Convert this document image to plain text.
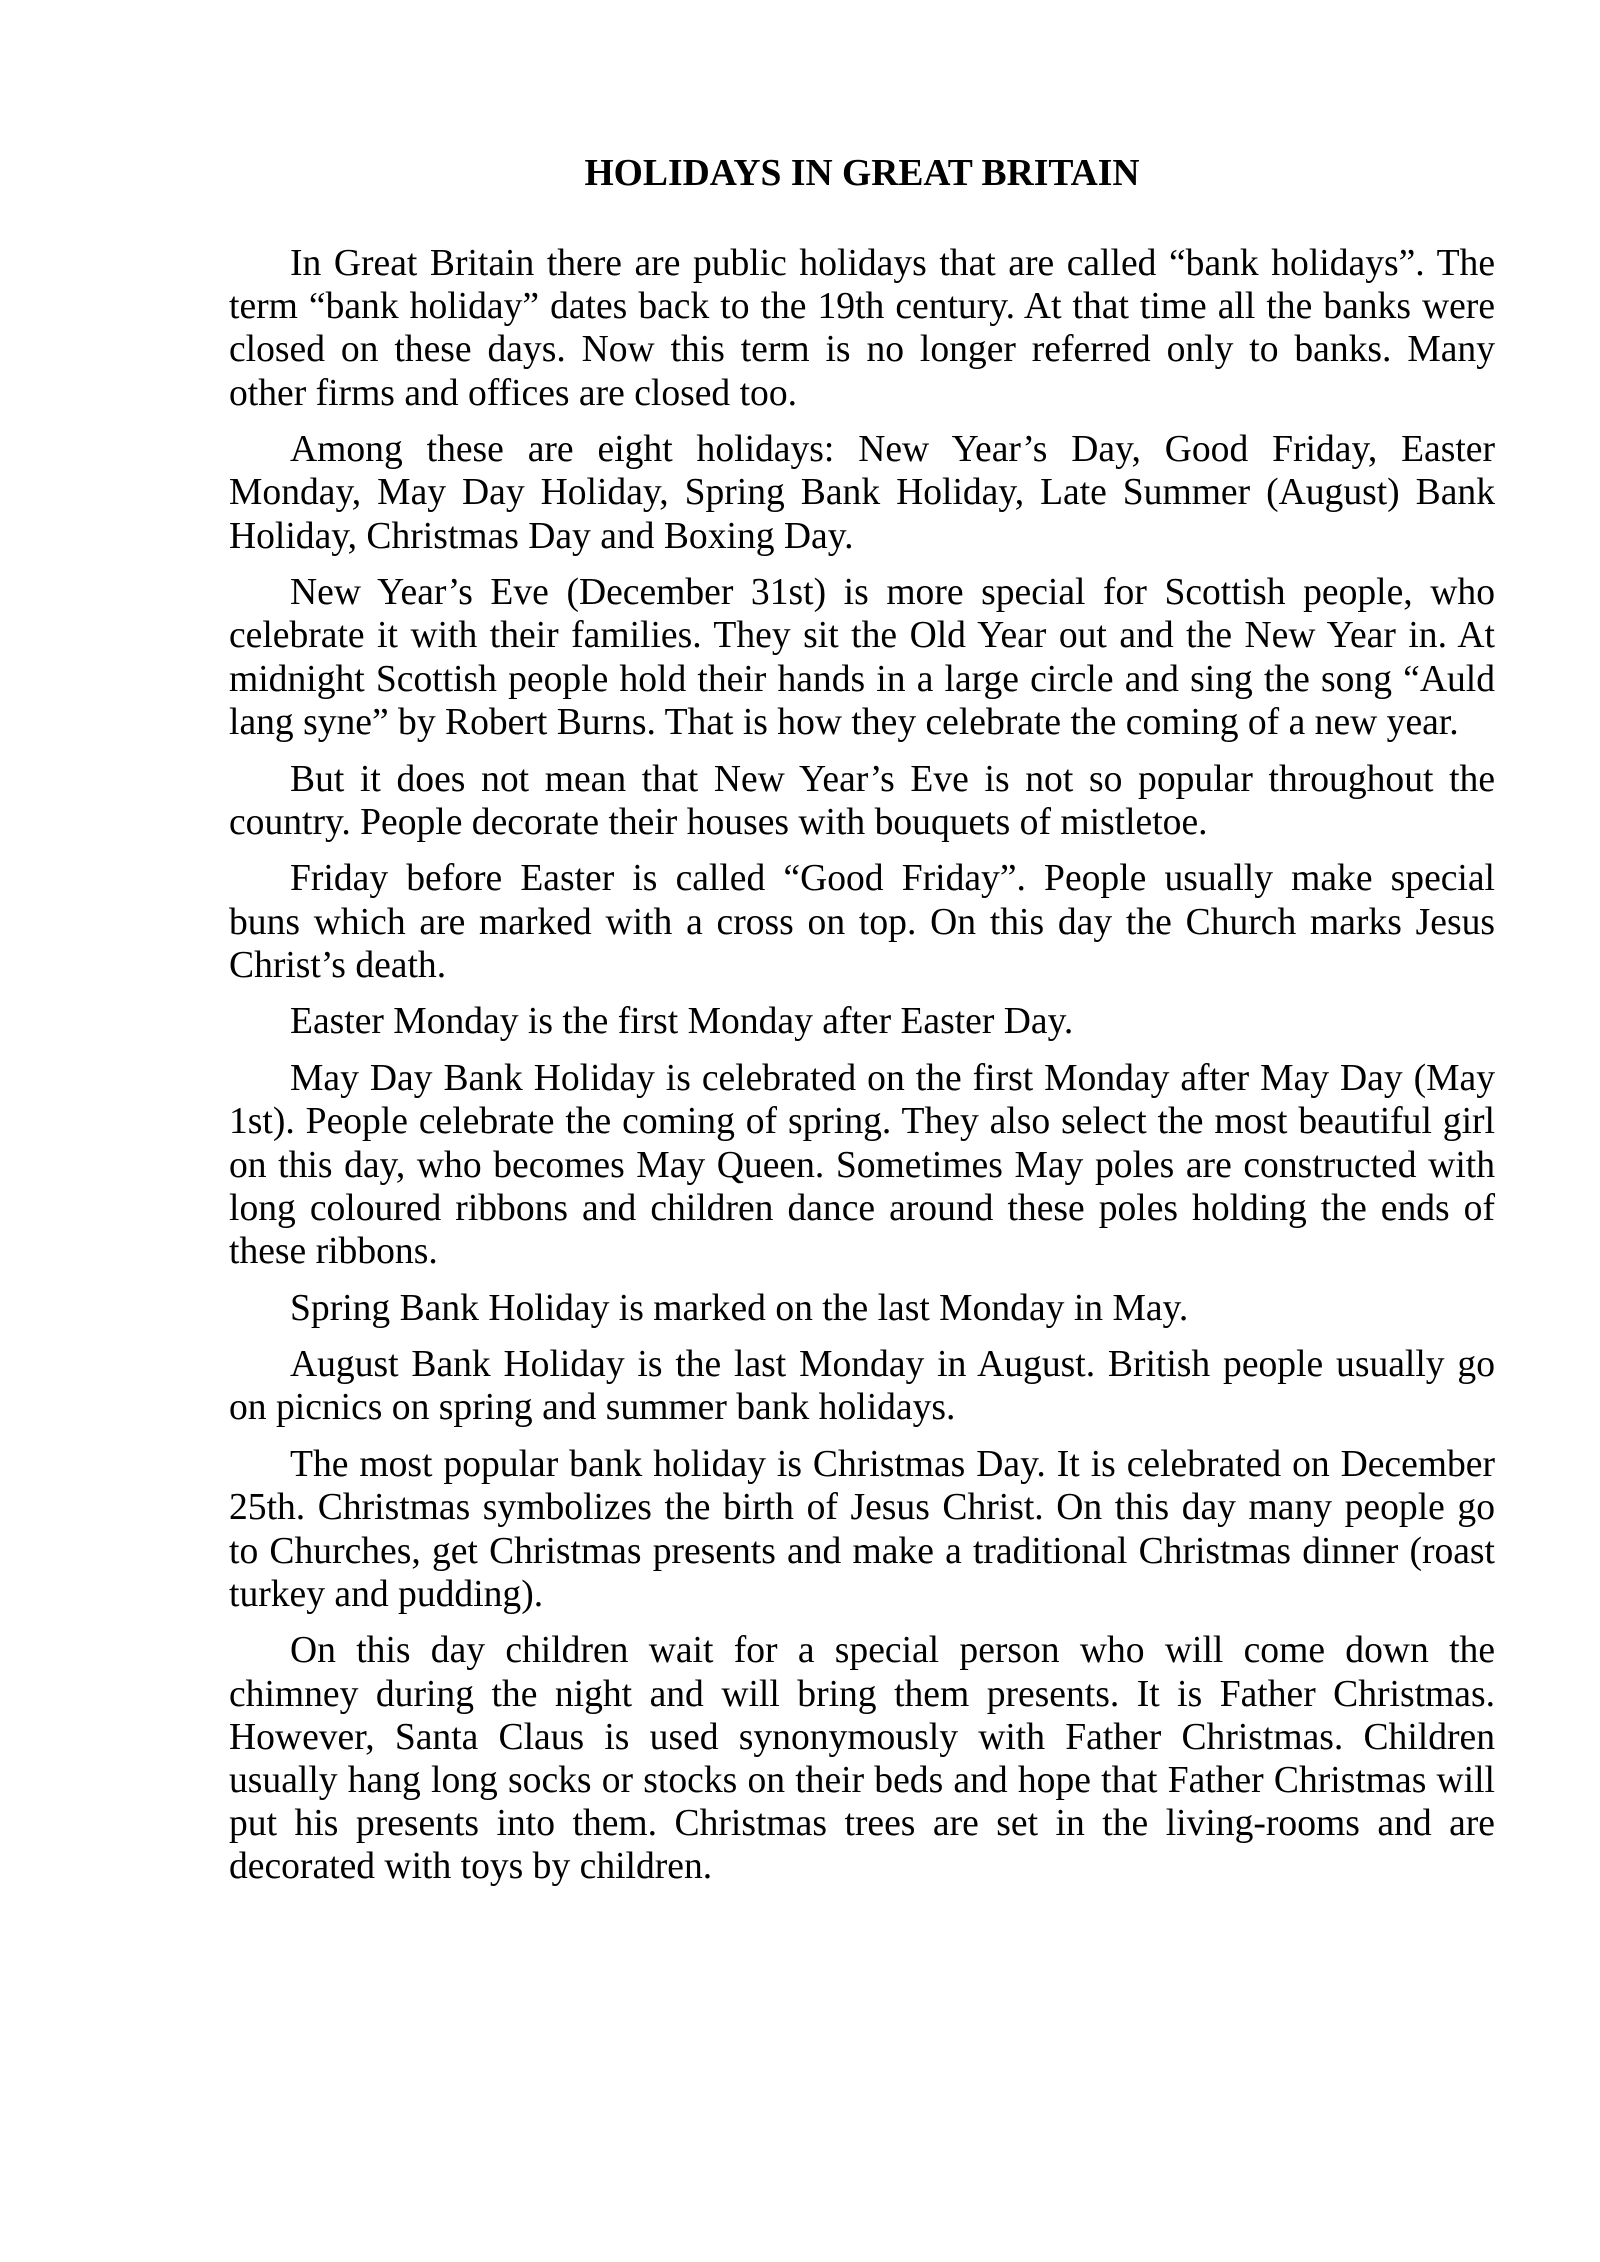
HOLIDAYS IN GREAT BRITAIN
In Great Britain there are public holidays that are called “bank holidays”. The
term “bank holiday” dates back to the 19th century. At that time all the banks were
closed on these days. Now this term is no longer referred only to banks. Many
other firms and offices are closed too.
Among these are eight holidays: New Year’s Day, Good Friday, Easter
Monday, May Day Holiday, Spring Bank Holiday, Late Summer (August) Bank
Holiday, Christmas Day and Boxing Day.
New Year’s Eve (December 31st) is more special for Scottish people, who
celebrate it with their families. They sit the Old Year out and the New Year in. At
midnight Scottish people hold their hands in a large circle and sing the song “Auld
lang syne” by Robert Burns. That is how they celebrate the coming of a new year.
But it does not mean that New Year’s Eve is not so popular throughout the
country. People decorate their houses with bouquets of mistletoe.
Friday before Easter is called “Good Friday”. People usually make special
buns which are marked with a cross on top. On this day the Church marks Jesus
Christ’s death.
Easter Monday is the first Monday after Easter Day.
May Day Bank Holiday is celebrated on the first Monday after May Day (May
1st). People celebrate the coming of spring. They also select the most beautiful girl
on this day, who becomes May Queen. Sometimes May poles are constructed with
long coloured ribbons and children dance around these poles holding the ends of
these ribbons.
Spring Bank Holiday is marked on the last Monday in May.
August Bank Holiday is the last Monday in August. British people usually go
on picnics on spring and summer bank holidays.
The most popular bank holiday is Christmas Day. It is celebrated on December
25th. Christmas symbolizes the birth of Jesus Christ. On this day many people go
to Churches, get Christmas presents and make a traditional Christmas dinner (roast
turkey and pudding).
On this day children wait for a special person who will come down the
chimney during the night and will bring them presents. It is Father Christmas.
However, Santa Claus is used synonymously with Father Christmas. Children
usually hang long socks or stocks on their beds and hope that Father Christmas will
put his presents into them. Christmas trees are set in the living-rooms and are
decorated with toys by children.
